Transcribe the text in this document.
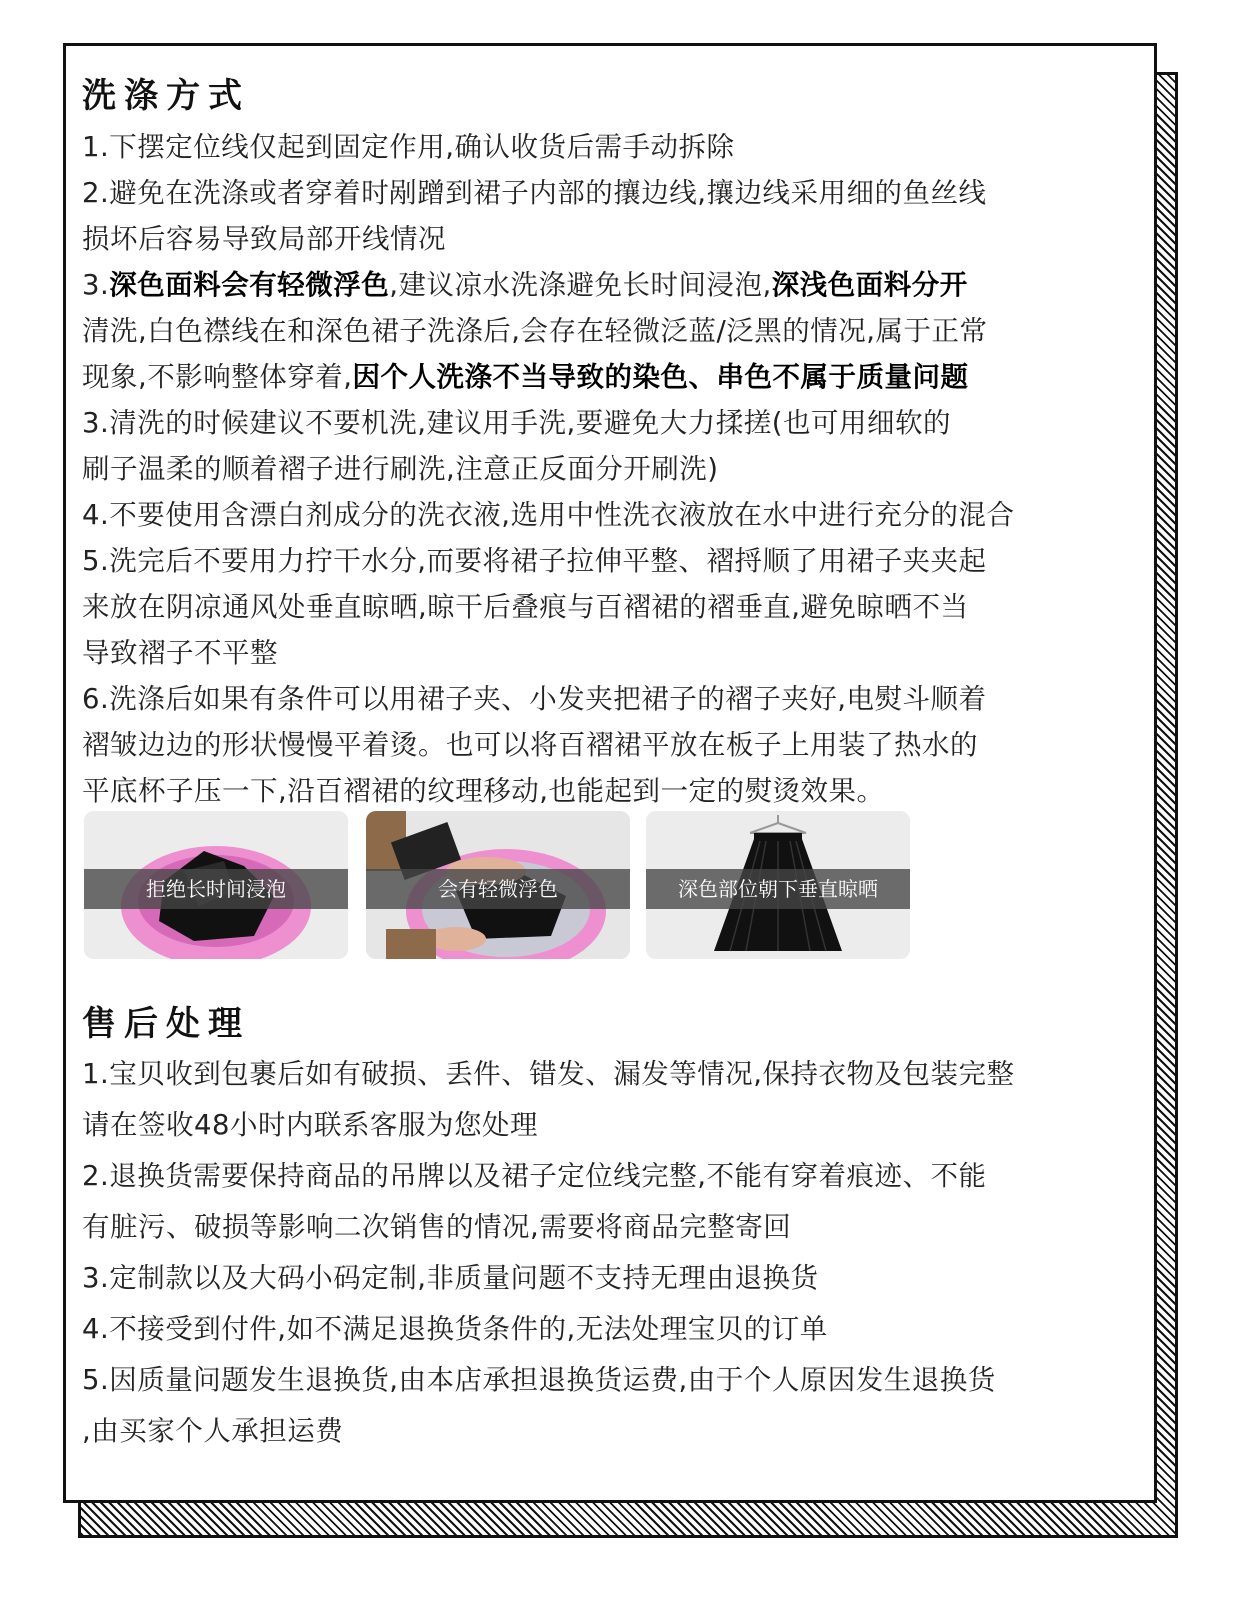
洗涤方式
1.下摆定位线仅起到固定作用,确认收货后需手动拆除
2.避免在洗涤或者穿着时剐蹭到裙子内部的攘边线,攘边线采用细的鱼丝线
损坏后容易导致局部开线情况
3.深色面料会有轻微浮色,建议凉水洗涤避免长时间浸泡,深浅色面料分开
清洗,白色襟线在和深色裙子洗涤后,会存在轻微泛蓝/泛黑的情况,属于正常
现象,不影响整体穿着,因个人洗涤不当导致的染色、串色不属于质量问题
3.清洗的时候建议不要机洗,建议用手洗,要避免大力揉搓(也可用细软的
刷子温柔的顺着褶子进行刷洗,注意正反面分开刷洗)
4.不要使用含漂白剂成分的洗衣液,选用中性洗衣液放在水中进行充分的混合
5.洗完后不要用力拧干水分,而要将裙子拉伸平整、褶捋顺了用裙子夹夹起
来放在阴凉通风处垂直晾晒,晾干后叠痕与百褶裙的褶垂直,避免晾晒不当
导致褶子不平整
6.洗涤后如果有条件可以用裙子夹、小发夹把裙子的褶子夹好,电熨斗顺着
褶皱边边的形状慢慢平着烫。也可以将百褶裙平放在板子上用装了热水的
平底杯子压一下,沿百褶裙的纹理移动,也能起到一定的熨烫效果。
拒绝长时间浸泡	会有轻微浮色	深色部位朝下垂直晾晒
售后处理
1.宝贝收到包裹后如有破损、丢件、错发、漏发等情况,保持衣物及包装完整
请在签收48小时内联系客服为您处理
2.退换货需要保持商品的吊牌以及裙子定位线完整,不能有穿着痕迹、不能
有脏污、破损等影响二次销售的情况,需要将商品完整寄回
3.定制款以及大码小码定制,非质量问题不支持无理由退换货
4.不接受到付件,如不满足退换货条件的,无法处理宝贝的订单
5.因质量问题发生退换货,由本店承担退换货运费,由于个人原因发生退换货
,由买家个人承担运费
